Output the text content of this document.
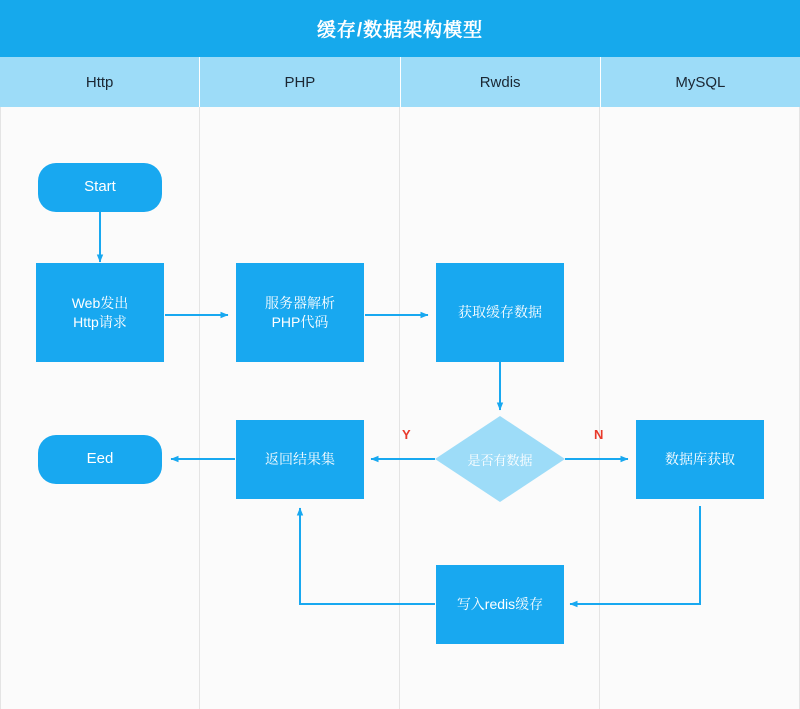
缓存/数据架构模型
Http	PHP	Rwdis	MySQL
Y	N
Start
Web发出
Http请求
服务器解析
PHP代码
获取缓存数据
是否有数据	数据库获取
写入redis缓存
返回结果集
Eed
